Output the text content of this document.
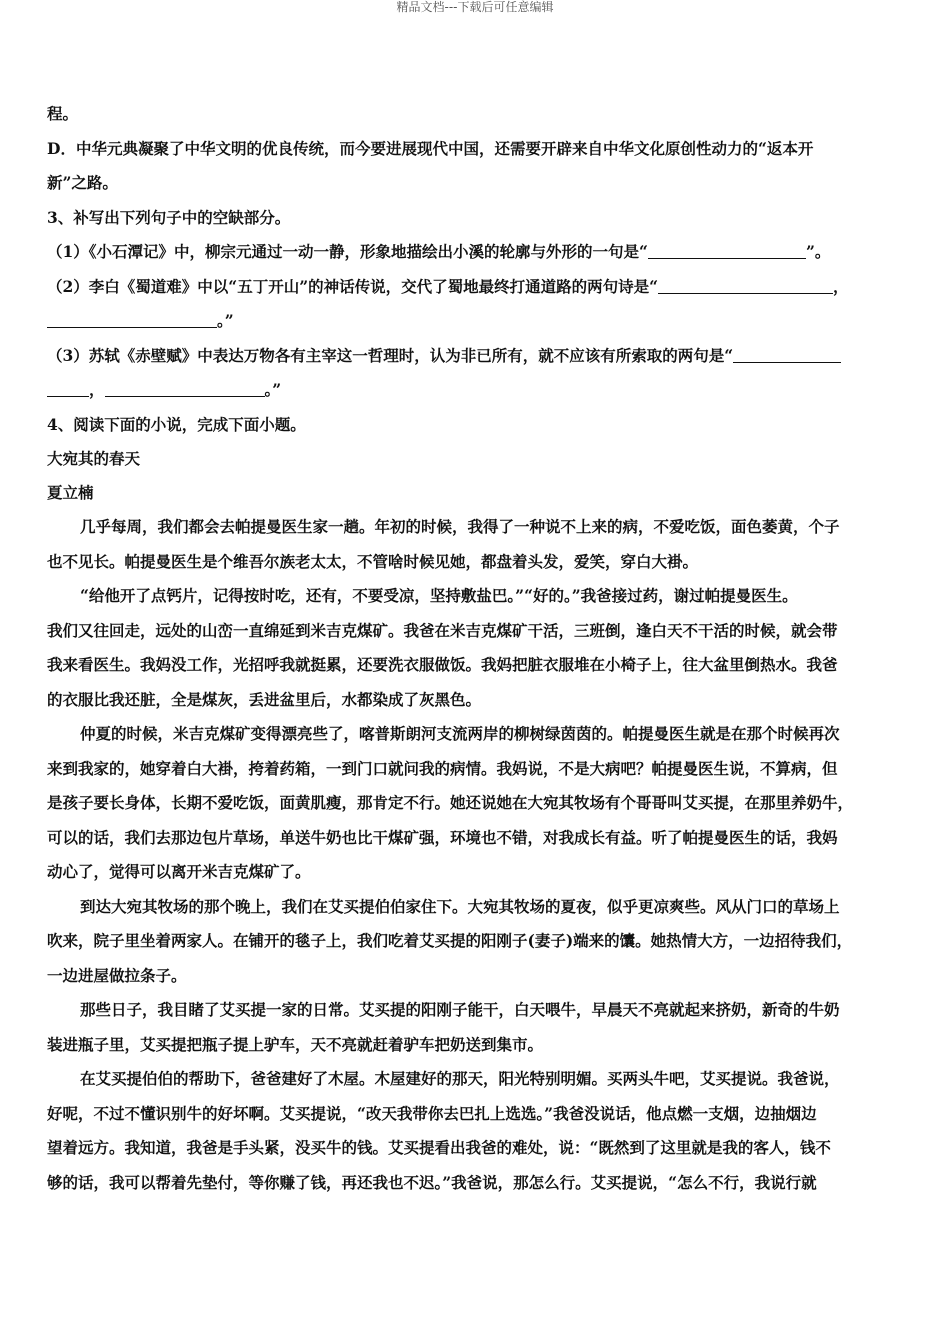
精品文档---下载后可任意编辑

程。

D．中华元典凝聚了中华文明的优良传统，而今要进展现代中国，还需要开辟来自中华文化原创性动力的“返本开

新”之路。

3、补写出下列句子中的空缺部分。

（1）《小石潭记》中，柳宗元通过一动一静，形象地描绘出小溪的轮廓与外形的一句是“	”。

（2）李白《蜀道难》中以“五丁开山”的神话传说，交代了蜀地最终打通道路的两句诗是“	，

。”

（3）苏轼《赤壁赋》中表达万物各有主宰这一哲理时，认为非已所有，就不应该有所索取的两句是“

，	。”

4、阅读下面的小说，完成下面小题。

大宛其的春天

夏立楠

几乎每周，我们都会去帕提曼医生家一趟。年初的时候，我得了一种说不上来的病，不爱吃饭，面色萎黄，个子

也不见长。帕提曼医生是个维吾尔族老太太，不管啥时候见她，都盘着头发，爱笑，穿白大褂。

“给他开了点钙片，记得按时吃，还有，不要受凉，坚持敷盐巴。”“好的。”我爸接过药，谢过帕提曼医生。

我们又往回走，远处的山峦一直绵延到米吉克煤矿。我爸在米吉克煤矿干活，三班倒，逢白天不干活的时候，就会带

我来看医生。我妈没工作，光招呼我就挺累，还要洗衣服做饭。我妈把脏衣服堆在小椅子上，往大盆里倒热水。我爸

的衣服比我还脏，全是煤灰，丢进盆里后，水都染成了灰黑色。

仲夏的时候，米吉克煤矿变得漂亮些了，喀普斯朗河支流两岸的柳树绿茵茵的。帕提曼医生就是在那个时候再次

来到我家的，她穿着白大褂，挎着药箱，一到门口就问我的病情。我妈说，不是大病吧？帕提曼医生说，不算病，但

是孩子要长身体，长期不爱吃饭，面黄肌瘦，那肯定不行。她还说她在大宛其牧场有个哥哥叫艾买提，在那里养奶牛，

可以的话，我们去那边包片草场，单送牛奶也比干煤矿强，环境也不错，对我成长有益。听了帕提曼医生的话，我妈

动心了，觉得可以离开米吉克煤矿了。

到达大宛其牧场的那个晚上，我们在艾买提伯伯家住下。大宛其牧场的夏夜，似乎更凉爽些。风从门口的草场上

吹来，院子里坐着两家人。在铺开的毯子上，我们吃着艾买提的阳刚子(妻子)端来的馕。她热情大方，一边招待我们，

一边进屋做拉条子。

那些日子，我目睹了艾买提一家的日常。艾买提的阳刚子能干，白天喂牛，早晨天不亮就起来挤奶，新奇的牛奶

装进瓶子里，艾买提把瓶子提上驴车，天不亮就赶着驴车把奶送到集市。

在艾买提伯伯的帮助下，爸爸建好了木屋。木屋建好的那天，阳光特别明媚。买两头牛吧，艾买提说。我爸说，

好呢，不过不懂识别牛的好坏啊。艾买提说，“改天我带你去巴扎上选选。”我爸没说话，他点燃一支烟，边抽烟边

望着远方。我知道，我爸是手头紧，没买牛的钱。艾买提看出我爸的难处，说：“既然到了这里就是我的客人，钱不

够的话，我可以帮着先垫付，等你赚了钱，再还我也不迟。”我爸说，那怎么行。艾买提说，“怎么不行，我说行就
